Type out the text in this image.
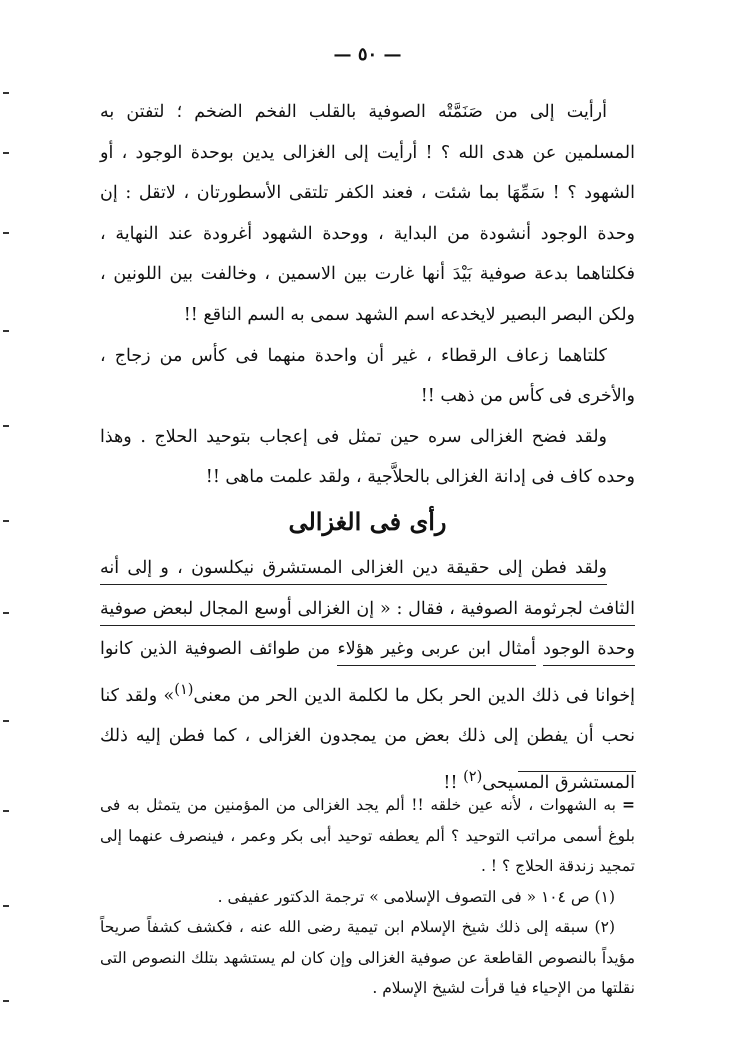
— ٥٠ —

أرأيت إلى من صَنَمَّتْه الصوفية بالقلب الفخم الضخم ؛ لتفتن به المسلمين عن هدى الله ؟ ! أرأيت إلى الغزالى يدين بوحدة الوجود ، أو الشهود ؟ ! سَمِّهَا بما شئت ، فعند الكفر تلتقى الأسطورتان ، لاتقل : إن وحدة الوجود أنشودة من البداية ، ووحدة الشهود أغرودة عند النهاية ، فكلتاهما بدعة صوفية بَيْدَ أنها غارت بين الاسمين ، وخالفت بين اللونين ، ولكن البصر البصير لايخدعه اسم الشهد سمى به السم الناقع !!

كلتاهما زعاف الرقطاء ، غير أن واحدة منهما فى كأس من زجاج ، والأخرى فى كأس من ذهب !!

ولقد فضح الغزالى سره حين تمثل فى إعجاب بتوحيد الحلاج . وهذا وحده كاف فى إدانة الغزالى بالحلاَّجية ، ولقد علمت ماهى !!

رأى فى الغزالى

ولقد فطن إلى حقيقة دين الغزالى المستشرق نيكلسون ، و إلى أنه الثافث لجرثومة الصوفية ، فقال : « إن الغزالى أوسع المجال لبعض صوفية وحدة الوجود أمثال ابن عربى وغير هؤلاء من طوائف الصوفية الذين كانوا إخوانا فى ذلك الدين الحر بكل ما لكلمة الدين الحر من معنى$^{(١)}$» ولقد كنا نحب أن يفطن إلى ذلك بعض من يمجدون الغزالى ، كما فطن إليه ذلك المستشرق المسيحى$^{(٢)}$ !!

=به الشهوات ، لأنه عين خلقه !! ألم يجد الغزالى من المؤمنين من يتمثل به فى بلوغ أسمى مراتب التوحيد ؟ ألم يعطفه توحيد أبى بكر وعمر ، فينصرف عنهما إلى تمجيد زندقة الحلاج ؟ ! .

(١) ص ١٠٤ « فى التصوف الإسلامى » ترجمة الدكتور عفيفى .

(٢) سبقه إلى ذلك شيخ الإسلام ابن تيمية رضى الله عنه ، فكشف كشفاً صريحاً مؤيداً بالنصوص القاطعة عن صوفية الغزالى وإن كان لم يستشهد بتلك النصوص التى نقلتها من الإحياء فيا قرأت لشيخ الإسلام .
